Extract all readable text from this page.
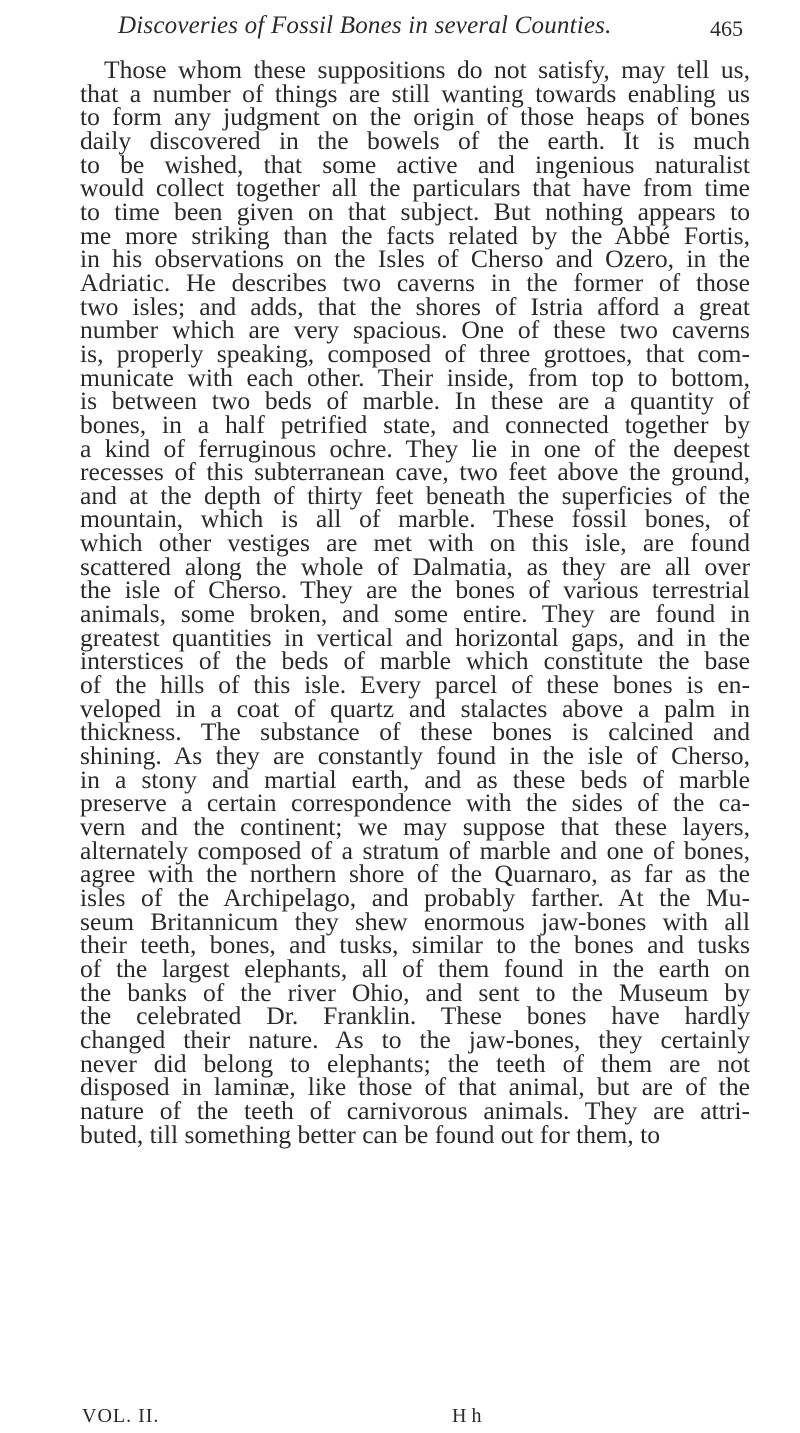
Discoveries of Fossil Bones in several Counties.	465
Those whom these suppositions do not satisfy, may tell us,
that a number of things are still wanting towards enabling us
to form any judgment on the origin of those heaps of bones
daily discovered in the bowels of the earth. It is much
to be wished, that some active and ingenious naturalist
would collect together all the particulars that have from time
to time been given on that subject. But nothing appears to
me more striking than the facts related by the Abbé Fortis,
in his observations on the Isles of Cherso and Ozero, in the
Adriatic. He describes two caverns in the former of those
two isles; and adds, that the shores of Istria afford a great
number which are very spacious. One of these two caverns
is, properly speaking, composed of three grottoes, that com-
municate with each other. Their inside, from top to bottom,
is between two beds of marble. In these are a quantity of
bones, in a half petrified state, and connected together by
a kind of ferruginous ochre. They lie in one of the deepest
recesses of this subterranean cave, two feet above the ground,
and at the depth of thirty feet beneath the superficies of the
mountain, which is all of marble. These fossil bones, of
which other vestiges are met with on this isle, are found
scattered along the whole of Dalmatia, as they are all over
the isle of Cherso. They are the bones of various terrestrial
animals, some broken, and some entire. They are found in
greatest quantities in vertical and horizontal gaps, and in the
interstices of the beds of marble which constitute the base
of the hills of this isle. Every parcel of these bones is en-
veloped in a coat of quartz and stalactes above a palm in
thickness. The substance of these bones is calcined and
shining. As they are constantly found in the isle of Cherso,
in a stony and martial earth, and as these beds of marble
preserve a certain correspondence with the sides of the ca-
vern and the continent; we may suppose that these layers,
alternately composed of a stratum of marble and one of bones,
agree with the northern shore of the Quarnaro, as far as the
isles of the Archipelago, and probably farther. At the Mu-
seum Britannicum they shew enormous jaw-bones with all
their teeth, bones, and tusks, similar to the bones and tusks
of the largest elephants, all of them found in the earth on
the banks of the river Ohio, and sent to the Museum by
the celebrated Dr. Franklin. These bones have hardly
changed their nature. As to the jaw-bones, they certainly
never did belong to elephants; the teeth of them are not
disposed in laminæ, like those of that animal, but are of the
nature of the teeth of carnivorous animals. They are attri-
buted, till something better can be found out for them, to
VOL. II.	H h
